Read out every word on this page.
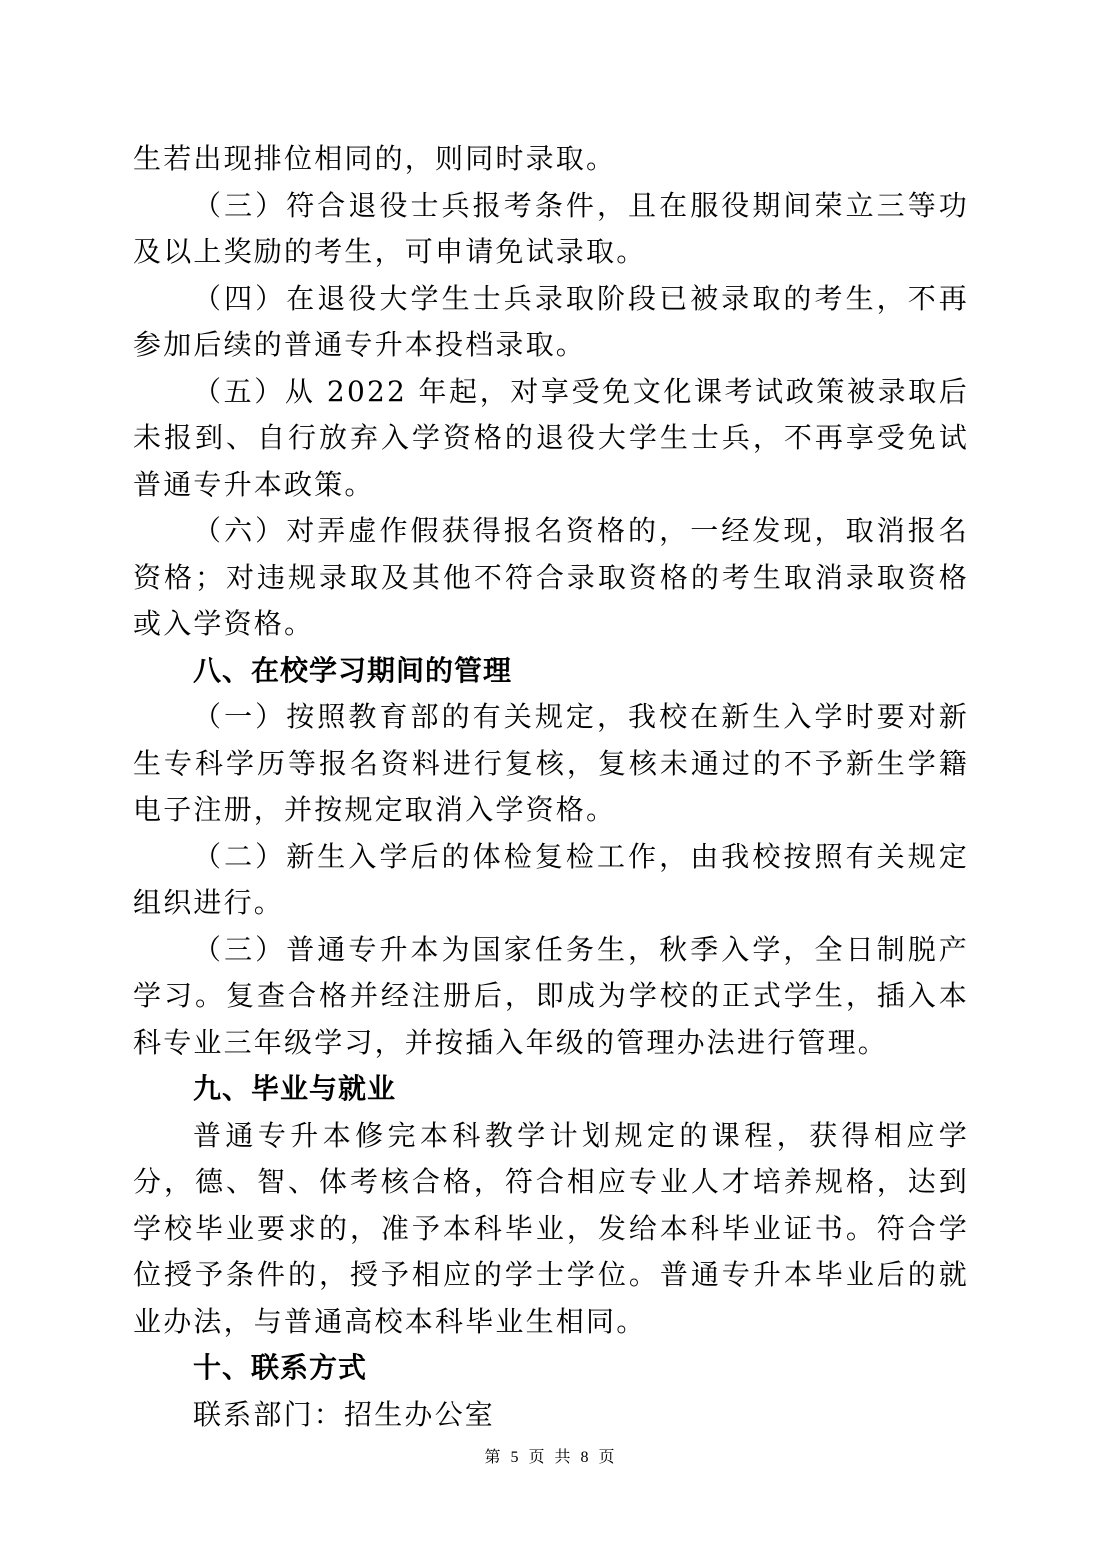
生若出现排位相同的，则同时录取。

（三）符合退役士兵报考条件，且在服役期间荣立三等功及以上奖励的考生，可申请免试录取。

（四）在退役大学生士兵录取阶段已被录取的考生，不再参加后续的普通专升本投档录取。

（五）从 2022 年起，对享受免文化课考试政策被录取后未报到、自行放弃入学资格的退役大学生士兵，不再享受免试普通专升本政策。

（六）对弄虚作假获得报名资格的，一经发现，取消报名资格；对违规录取及其他不符合录取资格的考生取消录取资格或入学资格。

八、在校学习期间的管理

（一）按照教育部的有关规定，我校在新生入学时要对新生专科学历等报名资料进行复核，复核未通过的不予新生学籍电子注册，并按规定取消入学资格。

（二）新生入学后的体检复检工作，由我校按照有关规定组织进行。

（三）普通专升本为国家任务生，秋季入学，全日制脱产学习。复查合格并经注册后，即成为学校的正式学生，插入本科专业三年级学习，并按插入年级的管理办法进行管理。

九、毕业与就业

普通专升本修完本科教学计划规定的课程，获得相应学分，德、智、体考核合格，符合相应专业人才培养规格，达到学校毕业要求的，准予本科毕业，发给本科毕业证书。符合学位授予条件的，授予相应的学士学位。普通专升本毕业后的就业办法，与普通高校本科毕业生相同。

十、联系方式

联系部门：招生办公室

第 5 页 共 8 页
